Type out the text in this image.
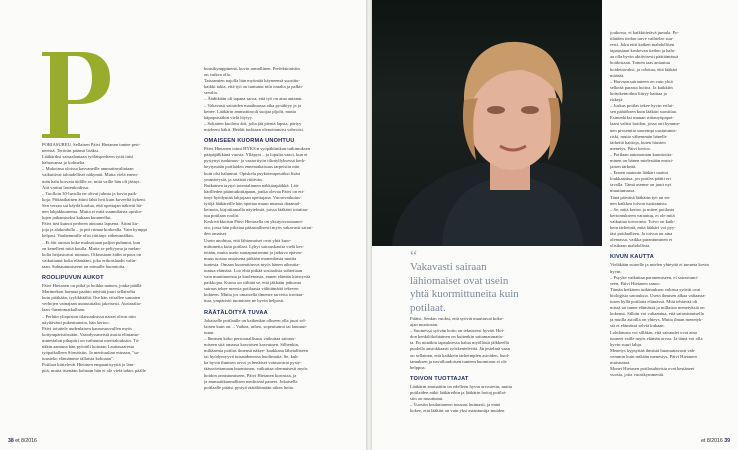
PORIASUREU. Sellaisen Päivi Hietanen tuntee pert-
neensä. Terävän päänsä lisäksi.
Lääkäriksi saisaalantaan työläisperheen tytöt tätsi
haluavansa jo kolmelta.
– Mukoinsa oloissa kasvaneille ammatinvalintaan
vaikuttivat taloudelliset näkymät. Mutta vielä enem-
män halu korvata äidille se, mitä vaille hän oli jäänyt.
Äiti varttui lastenkodissa.
– Tuolloin 30-luvulla ne olivat julmia ja kovia paik-
koja. Pitkäaikainen äitini lähti heti kuin koveeltä kykeni.
Sen verran sai käydä koulua, että opettajan näkivät hä-
nen lahjakkuutensa. Mutta ei mitä suunnilaista opisko-
lujen jatkamiseksi kukaan kuunnellut.
Päivi tieä kuinot perheen ainoana lapsena. Äitini kir-
joja ja alakoululla – ja piti ritmaa korkealla. Vain kymppi
kelpasi. Vanhemmille olisi riittänyt vähemmälkin.
– Et äiti omista koke maksoitaan paljon puhunut, kun
en kenelleni mitä kuulla. Mutta se peltyyma ja melan-
kolia heijastuivat minuun. Oikeastaan äidin orpous on
vaikuttanut koko elämääni, joka erikoislaadit valin-
taan. Suhtautumiseeni on erimalle huomioita.
ROOLIPUVUN AUKOT
Päivi Hietanen on pitkä ja hoikka nainen, jonka päällä
Marimekon harmaa paahto näyttää juuri sellaiselta
kuin pitäkään, tyylikkäältä. Ilse hän viisallee samaten
verhojen vainajaan uutuuuttaksi jakeisesti. Austraalia-
laan -luentomatkallaan.
– Perhtin yliopiston tilaisuuksissa naiset olivat niin
näyttävästi pukeutuneita, hän kertoo.
Päivi totuttele uudenlaisen kaunosuuvullen myös
kottympäristössään. Vaaodyssmeistä asutta elintamo-
minestalon pihapiiri on vaihtunut meritalouksiin. Tä-
näkin aamuna hän pyöräili kotoaan Lauttasaaresta
työpaikalleen Sörnäisiin. Ja merituulian esinaan, "sa-
tuusteko elämämme tällaista kokoaan".
Potilaat kiittelevät Hietasen empaattisyyttä ja läm-
pöä, mutta itsenään kohtaan hän ei ole vielä takin, päälle
kuusikymppinenä, kovin armollinen. Perfektionistin
on vaikea olla.
Taissamien najolla hän myöntää käyneensä suorittu-
kaikki takia, että työ on tuntunut niin omalta ja palkit-
sevalta.
– Ääditkään oli tapana saroa, että työ on aina antanut.
– Vakavasti sairaiden maailmassa aika pysähtyy ja ja
kenee. Lääkärin ammattirooli suojaa pljolti, mutta
käpapsistäkin vielä löytyy.
– Sokatien kuolava äiti, jolta jää pieniä lapsia, pärtyy
mieleeni häkit. Heidät turkiaan olenottamiisi vahvoisi.
OMAISEEN KUORMA UNOHTUU
Päivi Hietanen toimi HYKS:n syöpäklinikan tutkimuksen
pääpäjälkkänä vuosia. Ylläpysi – ja lopulta vaaci, kun et
pystynyt tunkimus- ja vaatorityön tilintyllyksessä kerk-
keytymään potilaiden ennenaikaisuus tarpeisiin niin
kuin olsi halunnut. Opiskelu psykoterapeutiksi lisäsi
ymmärrystä, ja sisäistä riittivän.
Rutkainen taytyö totentalinnen näkkärapäikkä. Lää-
kärilleden pääntutkittiapaan, jonka olevaa Päivi on ett-
tinyt hyödyntää lahjojaan opettajana. Vuorovaikutus-
tytöjä lääkäreille hän opettaa muun muassa draamal-
keinoin, kirjoittamalla näytelmiä, joissa lääkärit totuttau-
tuu potilaan roolin.
Keskiviikkoisin Päivi Hietasella on yksityisvastaanot-
oto, jossa hän pilottaa pääasiallisesti myös vakavasti sairai-
den omaiset.
Usein unohtuu, että lähiomaiset ovat yhtä kuor-
mittuneita kuin potilaat. Lyhyt sairauskautta vielä kes-
tetään, mutta usein suutapuutsenmi ja jatkuva epävar-
muus nostaa omaisena pitkään monenlaisia muttia
tuntesia. Omaan kuormittuvus myös hänen aiheutta-
tuntua elämäsä. Loo ehtä pitkää sosiaalisia suhteitaan
vain muuttuneista ja kuolemasta, ennen elämän kiristyvää
paikkojaa. Kuosa on välttää se, että jäkkään jatkuvaa
sairaus tekee meesta potilaasta välittämättä tekeven
kohteen. Mutta jos omaisella ilmenee tarvetta irrottau-
ttua, ympäristö tuomitsee ne hyvin helposti.
RÄÄTÄLÖITYÄ TUVAA
Jokaiselle potilaalle on kaikenkin olkseen olla juuri sel-
lainen kuin on. – Vaikea, urheo, sopeutumut tai lannuut-
tunut.
– Ihmisen koko persoonallisuus vaikuttaa sairaus-
miseen sitä omassa kasvaisen kasvuinen. Silhenkin,
miltäaenta potilas ilmensä näkee- kaakkana lähetalliseen
tai hyödyntyyvä tuisaudenensa huolimatta. Se, kuk-
ka hyvin ihmisen arvot ja henkiset voimavarat pysty-
täässviettamaan huomiosen, vaikuttaa olennaisesti myös
hoidon onnistumiseen, Päivi Hietanen korostaa, ja
ja ammattikunnallisen medicinal paneet. Jokaiselle
potilaalle pitäisi pystyä räätälöimään oikea hoito.
38 et 8/2016
“
Vakavasti sairaan lähiomaiset ovat usein yhtä kuormittuneita kuin potilaat.
Pitäisi. Senkin vuoksi, että syövät muuttuvat koko-
ajan muotoaan.
– Suomessa syövän hoito on tekniseesi hyvää. Hoi-
don henkilökohtainen on kuitenkin saitamaranatta-
ta. En minäkin tapauksessa halua myöllästä jälkkeellä
puolella ansiokkaasti työskentelevää. Järjestelmä vaan
on sellainen, että kaikkein tärkeimpien asioiden, huol-
tamuksen ja navalloudoisen tunteen huomioon ei ole
helppoa.
TOIVON TUOTTAJAT
Lääkärin ammattiin on edelleen hyvin arvostettu, mutta
potilaiden näkö lääkäreihin ja lääkärin hoitaj potilai-
siin on muuttunut.
– Vuosiin kouluttaneen noussut huimasti, ja ennä
kokee, että lääkäri on vain yksi asiantuntija muiden
joukossa, ei kaikkitietävä jumala. Po-
tilaiden tiedon tarve vaihtelee suu-
resti. Joku ettii kaiken mahdollisen
tapaustaan koskevan tiedon ja halu-
aa olla hyvin aktiivisesti päättämässä
hoidostaan. Toinen taas antautuu
hoidettavaksi, ja odottaa, että lääkäri
määrää.
– Harvaan sairauteen on vain yhtä
selkeää parasta hoitoa. Ja kaikkiin
hoitokeinoihin liittyy haittaa ja
riskejä.
– Joskus potilas tekee hyvin erilai-
sen päätöksen kuin lääkäri suosittaa.
Esimerkiksi muuan riittauyöpapot-
laani valitsi hoidon, jossa oni kymme-
nen prosenttia suurempi uusiutumis-
riski, mutta vähemmän hänelle
tärkeitä haittoja, kuten hiusten
menetys, Päivi kertoo.
– Potilaan autonomian kunnioitta-
minen on hänen mielestään ensisi-
jaisen tärkeää.
– Ennen mainoin lääkäri saattoi
loukkaantua, jos potilas päätti eri
tavalla. Tämä asenne on juuri nyt
muuttumassa.
Tänä päivänä lääkärin työ on en-
nen kaikkea toivon tuottamista.
– Se, mitä kertoo ja miten potilasta
kertomukseen varautuu, ei ole mitä
vaikuttaa toivoonsa. Toivo on kaik-
kein tärkeintä, mitä lääkäri voi pyy-
täsi potilaalleen. Ja toivoa on aina
olemassa, vaikka parantuminen ei
olisikaan mahdollista.
KIVUN KAUTTA
Vieläkään suurelle ja mielen yhteyttä ei tunneta kovin
hyvin.
– Psyyke vaikuttaa paranemiseen, ei sairastumi-
seen, Päivi Hietanen sanoo.
Tämän hetkinen tutkimuksen valossa syövät ovat
biologisia sairauksia. Usein ihmisen alkaa valtaasta-
tusen kyllä potilaita elämässä. Mitä tehtävää oli
missä tai tunne elämässä ja millaisia menetyksiä on
kokenut. Silloin voi valtaantua, että sairastumisella
ja muilla asioilla on yhteys. Mutta ilman menetyk-
siä ei elämässä selviä kukaan.
Lohdutusta voi silläkin, että sairaudet ovat aina
tuoneet esille myös elämän arvoa. Ja tämä voi olla
hyvin suuri lahja.
Menetys kypsyttää ihmistä huomattavasti vah-
vemmin kuin mikään menestys. Päivi Hietanen
muistuttaa.
Monet Hietasen potilasuhteista ovat kestäneet
vuosia, joita vuosikymmeniä.
et 8/2016 39
